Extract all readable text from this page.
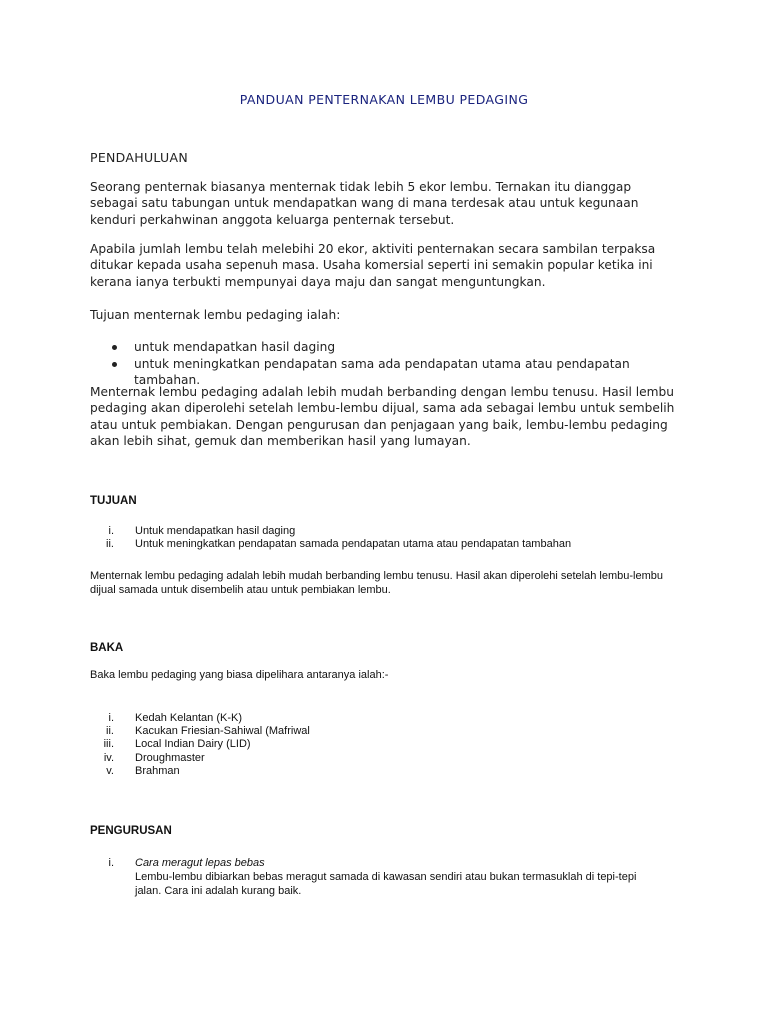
PANDUAN PENTERNAKAN LEMBU PEDAGING
PENDAHULUAN

Seorang penternak biasanya menternak tidak lebih 5 ekor lembu. Ternakan itu dianggap sebagai satu tabungan untuk mendapatkan wang di mana terdesak atau untuk kegunaan kenduri perkahwinan anggota keluarga penternak tersebut.

Apabila jumlah lembu telah melebihi 20 ekor, aktiviti penternakan secara sambilan terpaksa ditukar kepada usaha sepenuh masa. Usaha komersial seperti ini semakin popular ketika ini kerana ianya terbukti mempunyai daya maju dan sangat menguntungkan.

Tujuan menternak lembu pedaging ialah:

untuk mendapatkan hasil daging
untuk meningkatkan pendapatan sama ada pendapatan utama atau pendapatan tambahan.

Menternak lembu pedaging adalah lebih mudah berbanding dengan lembu tenusu. Hasil lembu pedaging akan diperolehi setelah lembu-lembu dijual, sama ada sebagai lembu untuk sembelih atau untuk pembiakan. Dengan pengurusan dan penjagaan yang baik, lembu-lembu pedaging akan lebih sihat, gemuk dan memberikan hasil yang lumayan.

TUJUAN
i. Untuk mendapatkan hasil daging
ii. Untuk meningkatkan pendapatan samada pendapatan utama atau pendapatan tambahan

Menternak lembu pedaging adalah lebih mudah berbanding lembu tenusu. Hasil akan diperolehi setelah lembu-lembu dijual samada untuk disembelih atau untuk pembiakan lembu.

BAKA

Baka lembu pedaging yang biasa dipelihara antaranya ialah:-

i. Kedah Kelantan (K-K)
ii. Kacukan Friesian-Sahiwal (Mafriwal
iii. Local Indian Dairy (LID)
iv. Droughmaster
v. Brahman
PENGURUSAN
i. Cara meragut lepas bebas
Lembu-lembu dibiarkan bebas meragut samada di kawasan sendiri atau bukan termasuklah di tepi-tepi jalan. Cara ini adalah kurang baik.
